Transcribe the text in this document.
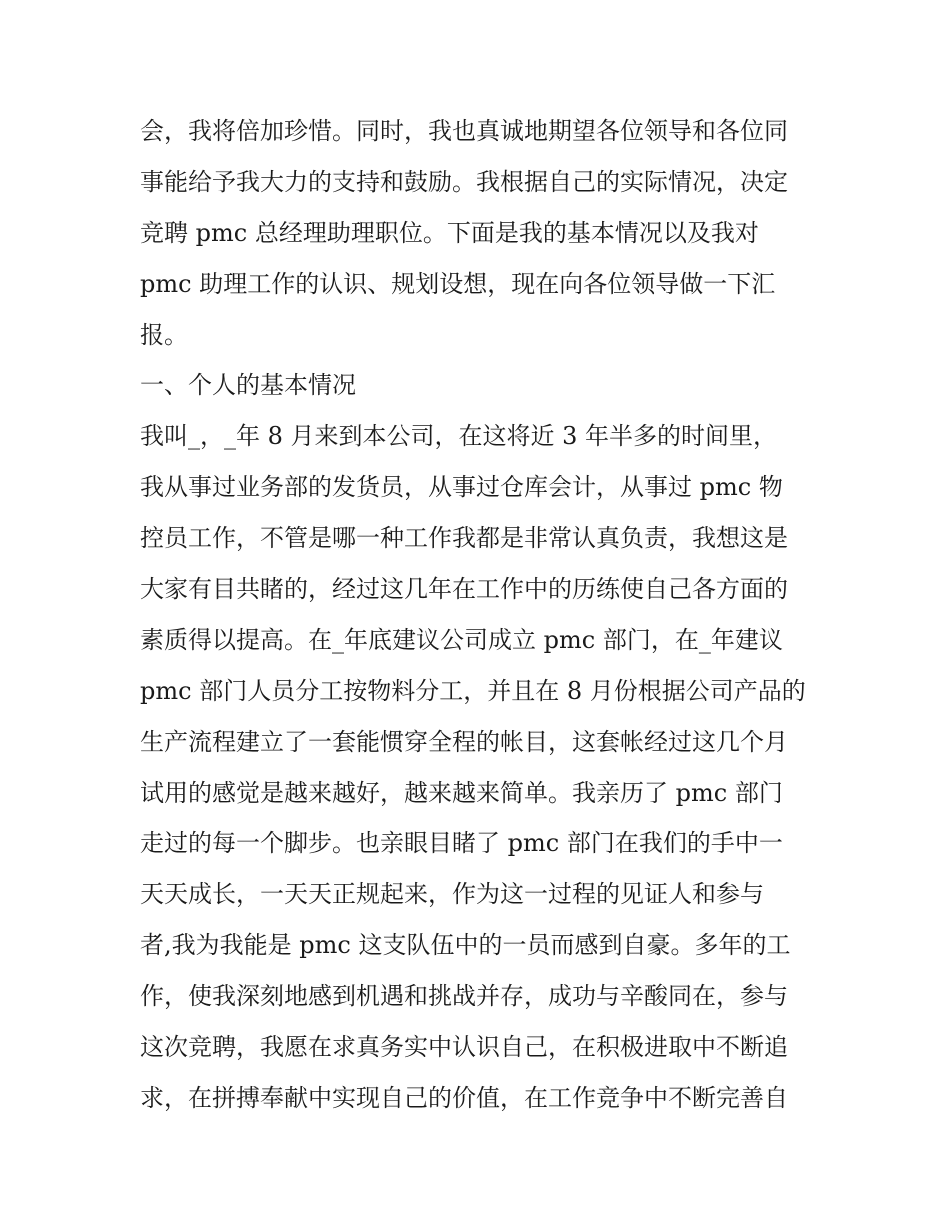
会，我将倍加珍惜。同时，我也真诚地期望各位领导和各位同
事能给予我大力的支持和鼓励。我根据自己的实际情况，决定
竞聘 pmc 总经理助理职位。下面是我的基本情况以及我对
pmc 助理工作的认识、规划设想，现在向各位领导做一下汇
报。
一、个人的基本情况
我叫_，_年 8 月来到本公司，在这将近 3 年半多的时间里，
我从事过业务部的发货员，从事过仓库会计，从事过 pmc 物
控员工作，不管是哪一种工作我都是非常认真负责，我想这是
大家有目共睹的，经过这几年在工作中的历练使自己各方面的
素质得以提高。在_年底建议公司成立 pmc 部门，在_年建议
pmc 部门人员分工按物料分工，并且在 8 月份根据公司产品的
生产流程建立了一套能惯穿全程的帐目，这套帐经过这几个月
试用的感觉是越来越好，越来越来简单。我亲历了 pmc 部门
走过的每一个脚步。也亲眼目睹了 pmc 部门在我们的手中一
天天成长，一天天正规起来，作为这一过程的见证人和参与
者,我为我能是 pmc 这支队伍中的一员而感到自豪。多年的工
作，使我深刻地感到机遇和挑战并存，成功与辛酸同在，参与
这次竞聘，我愿在求真务实中认识自己，在积极进取中不断追
求，在拼搏奉献中实现自己的价值，在工作竞争中不断完善自
